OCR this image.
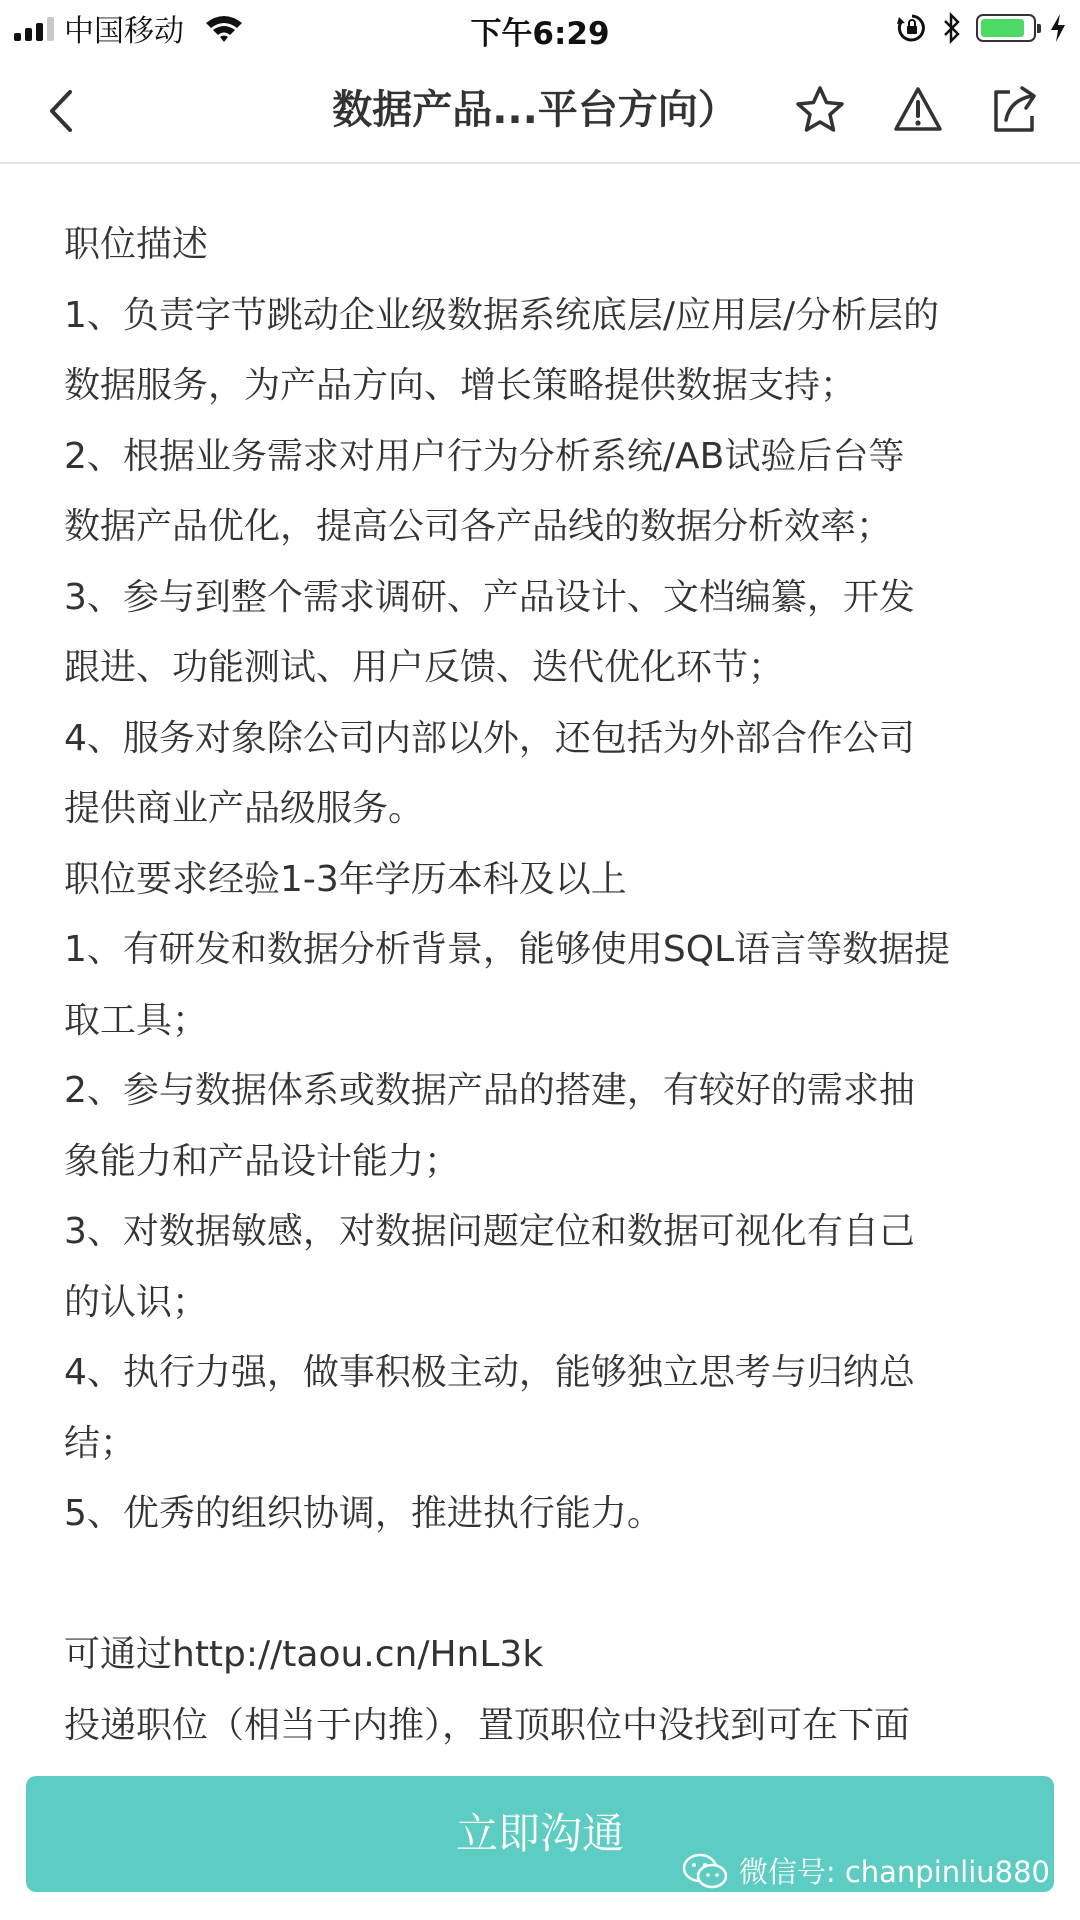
中国移动	下午6:29
数据产品...平台方向）

职位描述

1、负责字节跳动企业级数据系统底层/应用层/分析层的

数据服务，为产品方向、增长策略提供数据支持；

2、根据业务需求对用户行为分析系统/AB试验后台等

数据产品优化，提高公司各产品线的数据分析效率；

3、参与到整个需求调研、产品设计、文档编纂，开发

跟进、功能测试、用户反馈、迭代优化环节；

4、服务对象除公司内部以外，还包括为外部合作公司

提供商业产品级服务。

职位要求经验1-3年学历本科及以上

1、有研发和数据分析背景，能够使用SQL语言等数据提

取工具；

2、参与数据体系或数据产品的搭建，有较好的需求抽

象能力和产品设计能力；

3、对数据敏感，对数据问题定位和数据可视化有自己

的认识；

4、执行力强，做事积极主动，能够独立思考与归纳总

结；

5、优秀的组织协调，推进执行能力。

可通过http://taou.cn/HnL3k

投递职位（相当于内推），置顶职位中没找到可在下面

立即沟通
微信号: chanpinliu880
